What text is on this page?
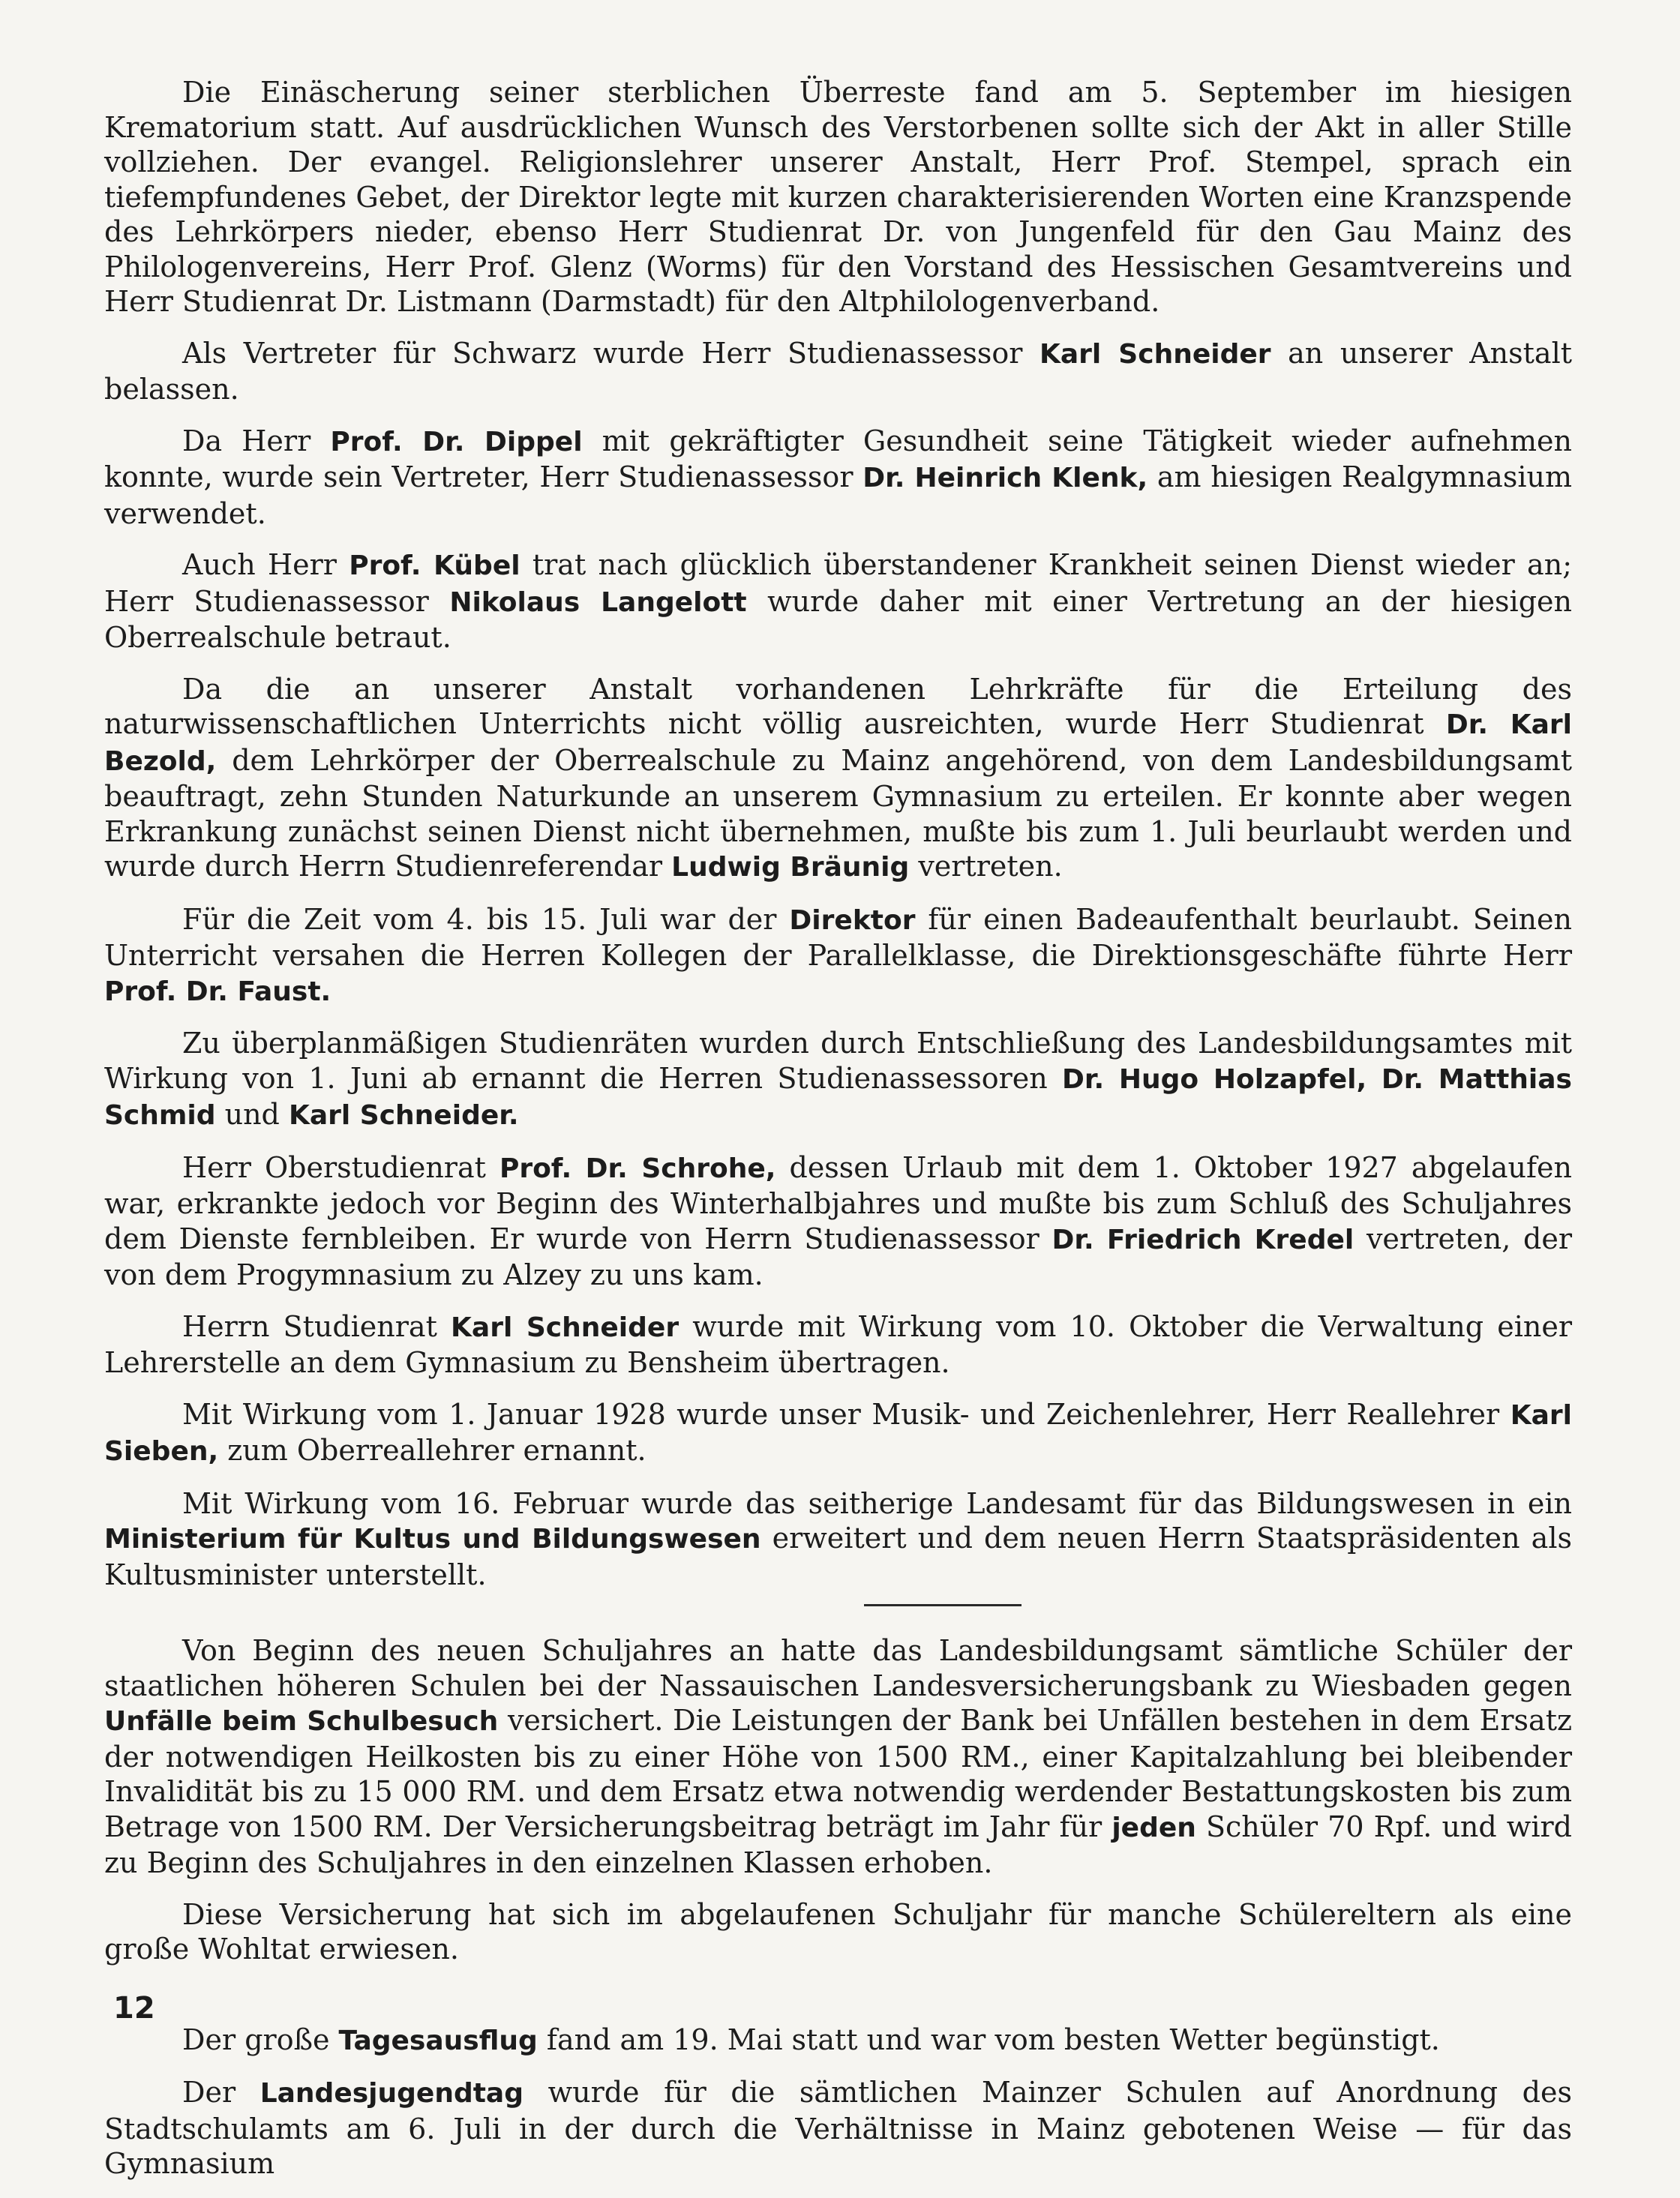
Die Einäscherung seiner sterblichen Überreste fand am 5. September im hiesigen Krematorium statt. Auf ausdrücklichen Wunsch des Verstorbenen sollte sich der Akt in aller Stille vollziehen. Der evangel. Religionslehrer unserer Anstalt, Herr Prof. Stempel, sprach ein tiefempfundenes Gebet, der Direktor legte mit kurzen charakterisierenden Worten eine Kranzspende des Lehrkörpers nieder, ebenso Herr Studienrat Dr. von Jungenfeld für den Gau Mainz des Philologenvereins, Herr Prof. Glenz (Worms) für den Vorstand des Hessischen Gesamtvereins und Herr Studienrat Dr. Listmann (Darmstadt) für den Altphilologenverband.

Als Vertreter für Schwarz wurde Herr Studienassessor Karl Schneider an unserer Anstalt belassen.

Da Herr Prof. Dr. Dippel mit gekräftigter Gesundheit seine Tätigkeit wieder aufnehmen konnte, wurde sein Vertreter, Herr Studienassessor Dr. Heinrich Klenk, am hiesigen Realgymnasium verwendet.

Auch Herr Prof. Kübel trat nach glücklich überstandener Krankheit seinen Dienst wieder an; Herr Studienassessor Nikolaus Langelott wurde daher mit einer Vertretung an der hiesigen Oberrealschule betraut.

Da die an unserer Anstalt vorhandenen Lehrkräfte für die Erteilung des naturwissenschaftlichen Unterrichts nicht völlig ausreichten, wurde Herr Studienrat Dr. Karl Bezold, dem Lehrkörper der Oberrealschule zu Mainz angehörend, von dem Landesbildungsamt beauftragt, zehn Stunden Naturkunde an unserem Gymnasium zu erteilen. Er konnte aber wegen Erkrankung zunächst seinen Dienst nicht übernehmen, mußte bis zum 1. Juli beurlaubt werden und wurde durch Herrn Studienreferendar Ludwig Bräunig vertreten.

Für die Zeit vom 4. bis 15. Juli war der Direktor für einen Badeaufenthalt beurlaubt. Seinen Unterricht versahen die Herren Kollegen der Parallelklasse, die Direktionsgeschäfte führte Herr Prof. Dr. Faust.

Zu überplanmäßigen Studienräten wurden durch Entschließung des Landesbildungsamtes mit Wirkung von 1. Juni ab ernannt die Herren Studienassessoren Dr. Hugo Holzapfel, Dr. Matthias Schmid und Karl Schneider.

Herr Oberstudienrat Prof. Dr. Schrohe, dessen Urlaub mit dem 1. Oktober 1927 abgelaufen war, erkrankte jedoch vor Beginn des Winterhalbjahres und mußte bis zum Schluß des Schuljahres dem Dienste fernbleiben. Er wurde von Herrn Studienassessor Dr. Friedrich Kredel vertreten, der von dem Progymnasium zu Alzey zu uns kam.

Herrn Studienrat Karl Schneider wurde mit Wirkung vom 10. Oktober die Verwaltung einer Lehrerstelle an dem Gymnasium zu Bensheim übertragen.

Mit Wirkung vom 1. Januar 1928 wurde unser Musik- und Zeichenlehrer, Herr Reallehrer Karl Sieben, zum Oberreallehrer ernannt.

Mit Wirkung vom 16. Februar wurde das seitherige Landesamt für das Bildungswesen in ein Ministerium für Kultus und Bildungswesen erweitert und dem neuen Herrn Staatspräsidenten als Kultusminister unterstellt.

Von Beginn des neuen Schuljahres an hatte das Landesbildungsamt sämtliche Schüler der staatlichen höheren Schulen bei der Nassauischen Landesversicherungsbank zu Wiesbaden gegen Unfälle beim Schulbesuch versichert. Die Leistungen der Bank bei Unfällen bestehen in dem Ersatz der notwendigen Heilkosten bis zu einer Höhe von 1500 RM., einer Kapitalzahlung bei bleibender Invalidität bis zu 15 000 RM. und dem Ersatz etwa notwendig werdender Bestattungskosten bis zum Betrage von 1500 RM. Der Versicherungsbeitrag beträgt im Jahr für jeden Schüler 70 Rpf. und wird zu Beginn des Schuljahres in den einzelnen Klassen erhoben.

Diese Versicherung hat sich im abgelaufenen Schuljahr für manche Schülereltern als eine große Wohltat erwiesen.

Der große Tagesausflug fand am 19. Mai statt und war vom besten Wetter begünstigt.

Der Landesjugendtag wurde für die sämtlichen Mainzer Schulen auf Anordnung des Stadtschulamts am 6. Juli in der durch die Verhältnisse in Mainz gebotenen Weise — für das Gymnasium

12
